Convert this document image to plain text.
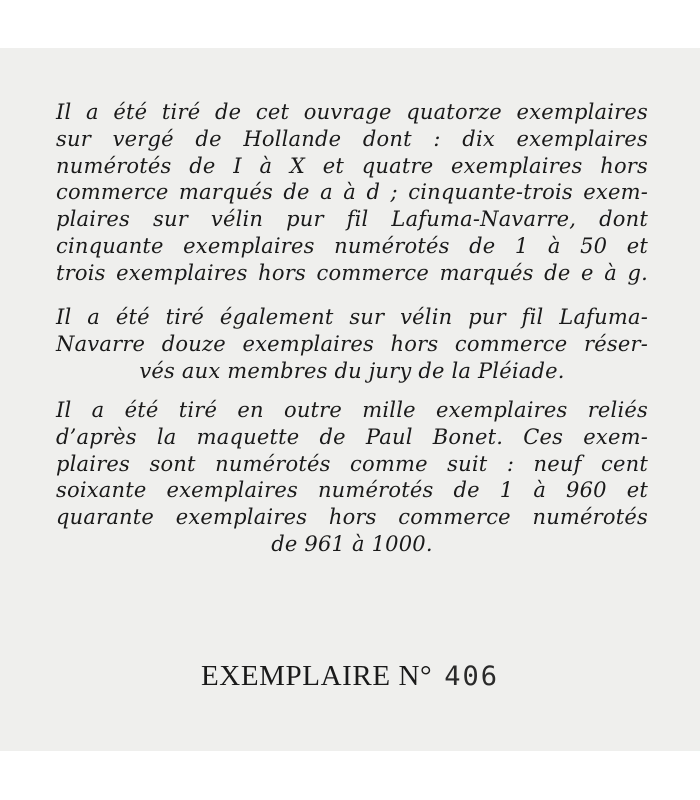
Il a été tiré de cet ouvrage quatorze exemplaires
sur vergé de Hollande dont : dix exemplaires
numérotés de I à X et quatre exemplaires hors
commerce marqués de a à d ; cinquante-trois exem-
plaires sur vélin pur fil Lafuma-Navarre, dont
cinquante exemplaires numérotés de 1 à 50 et
trois exemplaires hors commerce marqués de e à g.
Il a été tiré également sur vélin pur fil Lafuma-
Navarre douze exemplaires hors commerce réser-
vés aux membres du jury de la Pléiade.
Il a été tiré en outre mille exemplaires reliés
d’après la maquette de Paul Bonet. Ces exem-
plaires sont numérotés comme suit : neuf cent
soixante exemplaires numérotés de 1 à 960 et
quarante exemplaires hors commerce numérotés
de 961 à 1000.
EXEMPLAIRE N° 406
